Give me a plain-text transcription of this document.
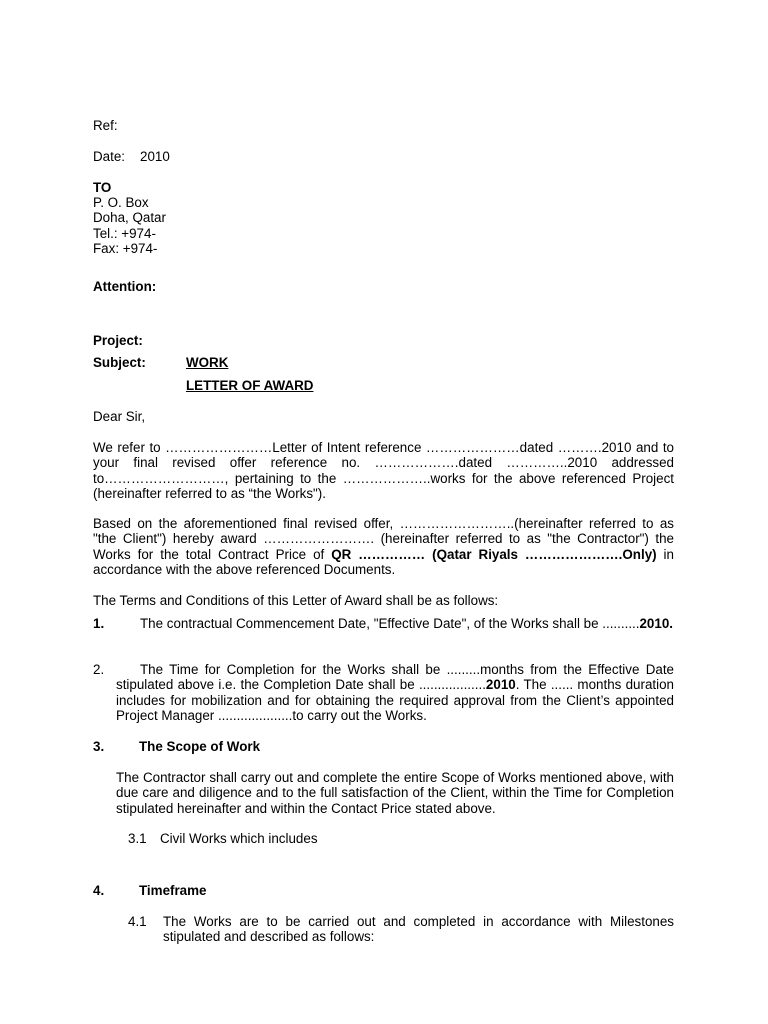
Ref:
Date: 2010
TO
P. O. Box
Doha, Qatar
Tel.: +974-
Fax: +974-
Attention:
Project:
Subject:	WORK
LETTER OF AWARD
Dear Sir,

We refer to ……………………Letter of Intent reference …………………dated ……….2010 and to your final revised offer reference no. ……………….dated …………..2010 addressed to………………………, pertaining to the ………………..works for the above referenced Project (hereinafter referred to as “the Works").

Based on the aforementioned final revised offer, ……………………..(hereinafter referred to as "the Client") hereby award ……………………. (hereinafter referred to as "the Contractor") the Works for the total Contract Price of QR …………… (Qatar Riyals ………………….Only) in accordance with the above referenced Documents.

The Terms and Conditions of this Letter of Award shall be as follows:
1.	The contractual Commencement Date, "Effective Date", of the Works shall be ..........2010.

2.	The Time for Completion for the Works shall be .........months from the Effective Date stipulated above i.e. the Completion Date shall be ..................2010. The ...... months duration includes for mobilization and for obtaining the required approval from the Client’s appointed Project Manager ....................to carry out the Works.

3.	The Scope of Work

The Contractor shall carry out and complete the entire Scope of Works mentioned above, with due care and diligence and to the full satisfaction of the Client, within the Time for Completion stipulated hereinafter and within the Contact Price stated above.

3.1 Civil Works which includes
4.	Timeframe
4.1 The Works are to be carried out and completed in accordance with Milestones stipulated and described as follows:
